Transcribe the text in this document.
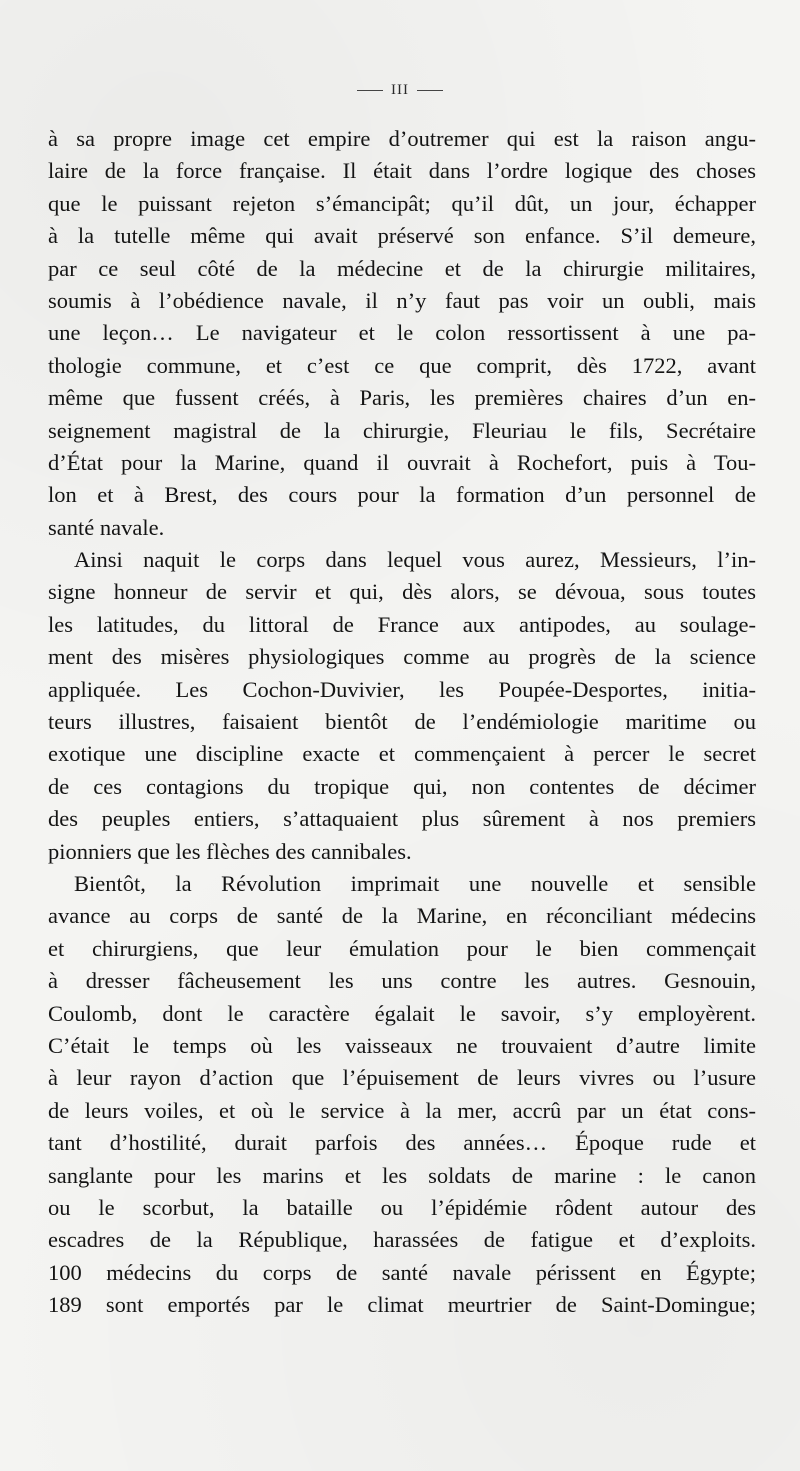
III
à sa propre image cet empire d’outremer qui est la raison angu-
laire de la force française. Il était dans l’ordre logique des choses
que le puissant rejeton s’émancipât; qu’il dût, un jour, échapper
à la tutelle même qui avait préservé son enfance. S’il demeure,
par ce seul côté de la médecine et de la chirurgie militaires,
soumis à l’obédience navale, il n’y faut pas voir un oubli, mais
une leçon… Le navigateur et le colon ressortissent à une pa-
thologie commune, et c’est ce que comprit, dès 1722, avant
même que fussent créés, à Paris, les premières chaires d’un en-
seignement magistral de la chirurgie, Fleuriau le fils, Secrétaire
d’État pour la Marine, quand il ouvrait à Rochefort, puis à Tou-
lon et à Brest, des cours pour la formation d’un personnel de
santé navale.
Ainsi naquit le corps dans lequel vous aurez, Messieurs, l’in-
signe honneur de servir et qui, dès alors, se dévoua, sous toutes
les latitudes, du littoral de France aux antipodes, au soulage-
ment des misères physiologiques comme au progrès de la science
appliquée. Les Cochon-Duvivier, les Poupée-Desportes, initia-
teurs illustres, faisaient bientôt de l’endémiologie maritime ou
exotique une discipline exacte et commençaient à percer le secret
de ces contagions du tropique qui, non contentes de décimer
des peuples entiers, s’attaquaient plus sûrement à nos premiers
pionniers que les flèches des cannibales.
Bientôt, la Révolution imprimait une nouvelle et sensible
avance au corps de santé de la Marine, en réconciliant médecins
et chirurgiens, que leur émulation pour le bien commençait
à dresser fâcheusement les uns contre les autres. Gesnouin,
Coulomb, dont le caractère égalait le savoir, s’y employèrent.
C’était le temps où les vaisseaux ne trouvaient d’autre limite
à leur rayon d’action que l’épuisement de leurs vivres ou l’usure
de leurs voiles, et où le service à la mer, accrû par un état cons-
tant d’hostilité, durait parfois des années… Époque rude et
sanglante pour les marins et les soldats de marine : le canon
ou le scorbut, la bataille ou l’épidémie rôdent autour des
escadres de la République, harassées de fatigue et d’exploits.
100 médecins du corps de santé navale périssent en Égypte;
189 sont emportés par le climat meurtrier de Saint-Domingue;
